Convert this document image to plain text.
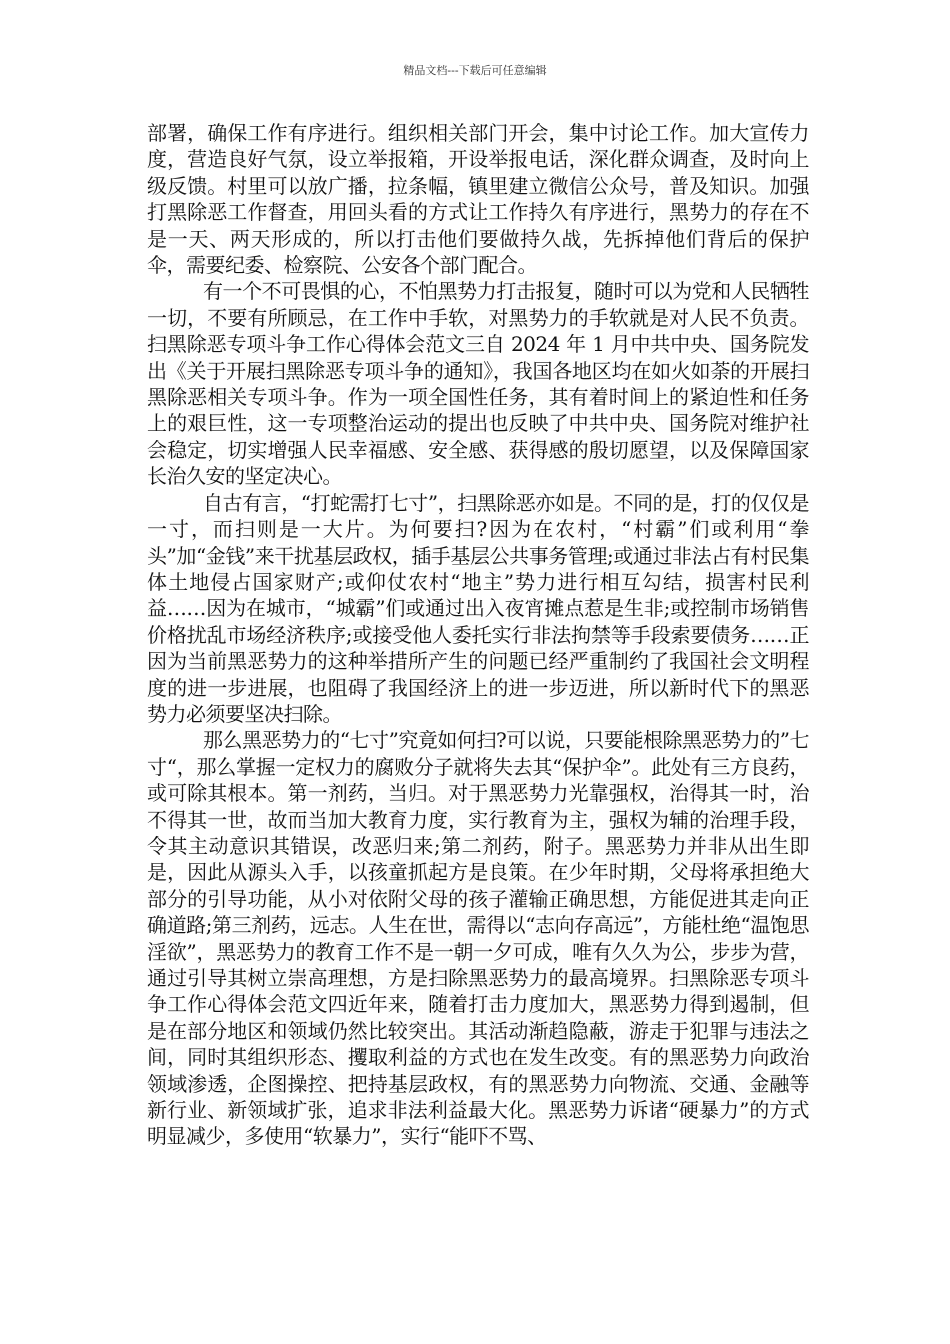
精品文档---下载后可任意编辑

部署，确保工作有序进行。组织相关部门开会，集中讨论工作。加大宣传力度，营造良好气氛，设立举报箱，开设举报电话，深化群众调查，及时向上级反馈。村里可以放广播，拉条幅，镇里建立微信公众号，普及知识。加强打黑除恶工作督查，用回头看的方式让工作持久有序进行，黑势力的存在不是一天、两天形成的，所以打击他们要做持久战，先拆掉他们背后的保护伞，需要纪委、检察院、公安各个部门配合。

有一个不可畏惧的心，不怕黑势力打击报复，随时可以为党和人民牺牲一切，不要有所顾忌，在工作中手软，对黑势力的手软就是对人民不负责。扫黑除恶专项斗争工作心得体会范文三自 2024 年 1 月中共中央、国务院发出《关于开展扫黑除恶专项斗争的通知》，我国各地区均在如火如荼的开展扫黑除恶相关专项斗争。作为一项全国性任务，其有着时间上的紧迫性和任务上的艰巨性，这一专项整治运动的提出也反映了中共中央、国务院对维护社会稳定，切实增强人民幸福感、安全感、获得感的殷切愿望，以及保障国家长治久安的坚定决心。

自古有言，“打蛇需打七寸”，扫黑除恶亦如是。不同的是，打的仅仅是一寸，而扫则是一大片。为何要扫?因为在农村，“村霸”们或利用“拳头”加“金钱”来干扰基层政权，插手基层公共事务管理;或通过非法占有村民集体土地侵占国家财产;或仰仗农村“地主”势力进行相互勾结，损害村民利益……因为在城市，“城霸”们或通过出入夜宵摊点惹是生非;或控制市场销售价格扰乱市场经济秩序;或接受他人委托实行非法拘禁等手段索要债务……正因为当前黑恶势力的这种举措所产生的问题已经严重制约了我国社会文明程度的进一步进展，也阻碍了我国经济上的进一步迈进，所以新时代下的黑恶势力必须要坚决扫除。

那么黑恶势力的“七寸”究竟如何扫?可以说，只要能根除黑恶势力的”七寸“，那么掌握一定权力的腐败分子就将失去其“保护伞”。此处有三方良药，或可除其根本。第一剂药，当归。对于黑恶势力光靠强权，治得其一时，治不得其一世，故而当加大教育力度，实行教育为主，强权为辅的治理手段，令其主动意识其错误，改恶归来;第二剂药，附子。黑恶势力并非从出生即是，因此从源头入手，以孩童抓起方是良策。在少年时期，父母将承担绝大部分的引导功能，从小对依附父母的孩子灌输正确思想，方能促进其走向正确道路;第三剂药，远志。人生在世，需得以“志向存高远”，方能杜绝“温饱思淫欲”，黑恶势力的教育工作不是一朝一夕可成，唯有久久为公，步步为营，通过引导其树立崇高理想，方是扫除黑恶势力的最高境界。扫黑除恶专项斗争工作心得体会范文四近年来，随着打击力度加大，黑恶势力得到遏制，但是在部分地区和领域仍然比较突出。其活动渐趋隐蔽，游走于犯罪与违法之间，同时其组织形态、攫取利益的方式也在发生改变。有的黑恶势力向政治领域渗透，企图操控、把持基层政权，有的黑恶势力向物流、交通、金融等新行业、新领域扩张，追求非法利益最大化。黑恶势力诉诸“硬暴力”的方式明显减少，多使用“软暴力”，实行“能吓不骂、
